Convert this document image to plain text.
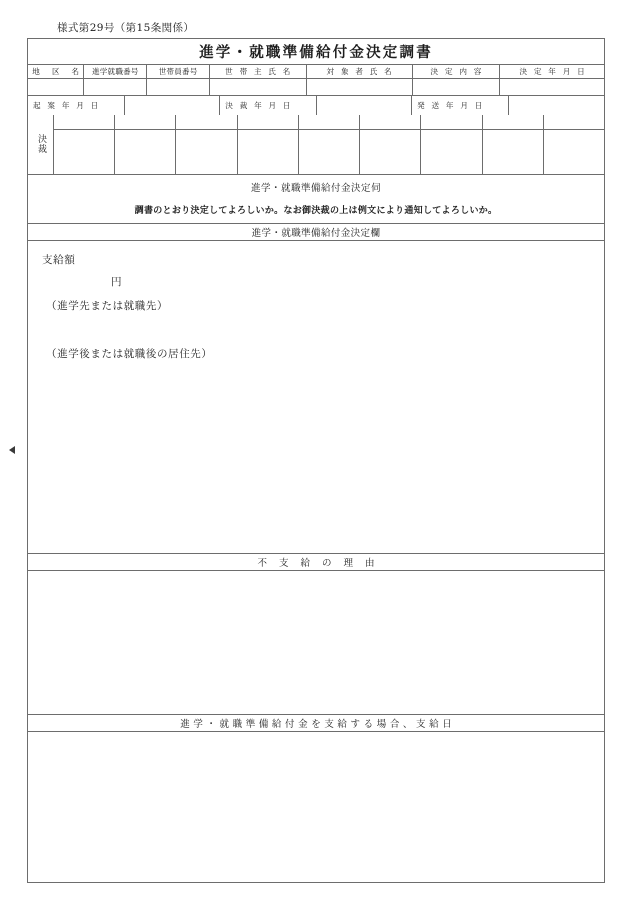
様式第29号（第15条関係）
進学・就職準備給付金決定調書
地　区　名	進学就職番号	世帯員番号	世 帯 主 氏 名	対 象 者 氏 名	決 定 内 容	決 定 年 月 日

起 案 年 月 日		決 裁 年 月 日		発 送 年 月 日

決裁
進学・就職準備給付金決定伺
調書のとおり決定してよろしいか。なお御決裁の上は例文により通知してよろしいか。
進学・就職準備給付金決定欄
支給額
円
（進学先または就職先）
（進学後または就職後の居住先）
不 支 給 の 理 由
進学・就職準備給付金を支給する場合、支給日
